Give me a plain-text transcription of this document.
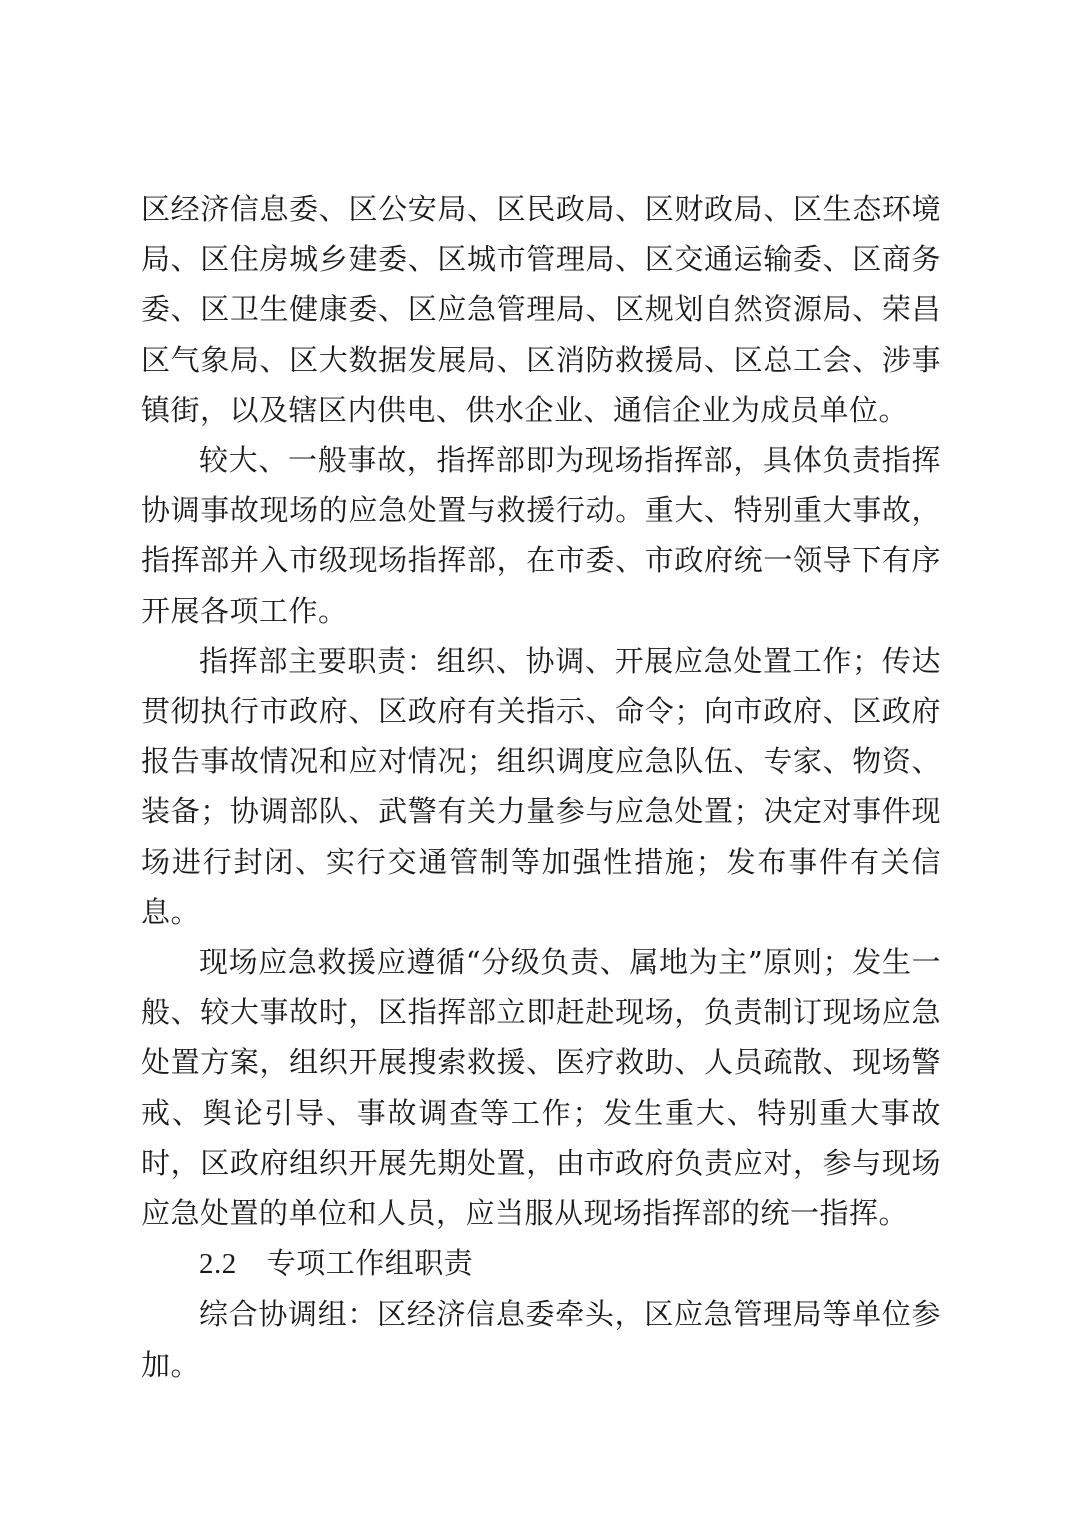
区经济信息委、区公安局、区民政局、区财政局、区生态环境局、区住房城乡建委、区城市管理局、区交通运输委、区商务委、区卫生健康委、区应急管理局、区规划自然资源局、荣昌区气象局、区大数据发展局、区消防救援局、区总工会、涉事镇街，以及辖区内供电、供水企业、通信企业为成员单位。

较大、一般事故，指挥部即为现场指挥部，具体负责指挥协调事故现场的应急处置与救援行动。重大、特别重大事故，指挥部并入市级现场指挥部，在市委、市政府统一领导下有序开展各项工作。

指挥部主要职责：组织、协调、开展应急处置工作；传达贯彻执行市政府、区政府有关指示、命令；向市政府、区政府报告事故情况和应对情况；组织调度应急队伍、专家、物资、装备；协调部队、武警有关力量参与应急处置；决定对事件现场进行封闭、实行交通管制等加强性措施；发布事件有关信息。

现场应急救援应遵循“分级负责、属地为主”原则；发生一般、较大事故时，区指挥部立即赶赴现场，负责制订现场应急处置方案，组织开展搜索救援、医疗救助、人员疏散、现场警戒、舆论引导、事故调查等工作；发生重大、特别重大事故时，区政府组织开展先期处置，由市政府负责应对，参与现场应急处置的单位和人员，应当服从现场指挥部的统一指挥。

2.2 专项工作组职责

综合协调组：区经济信息委牵头，区应急管理局等单位参加。
